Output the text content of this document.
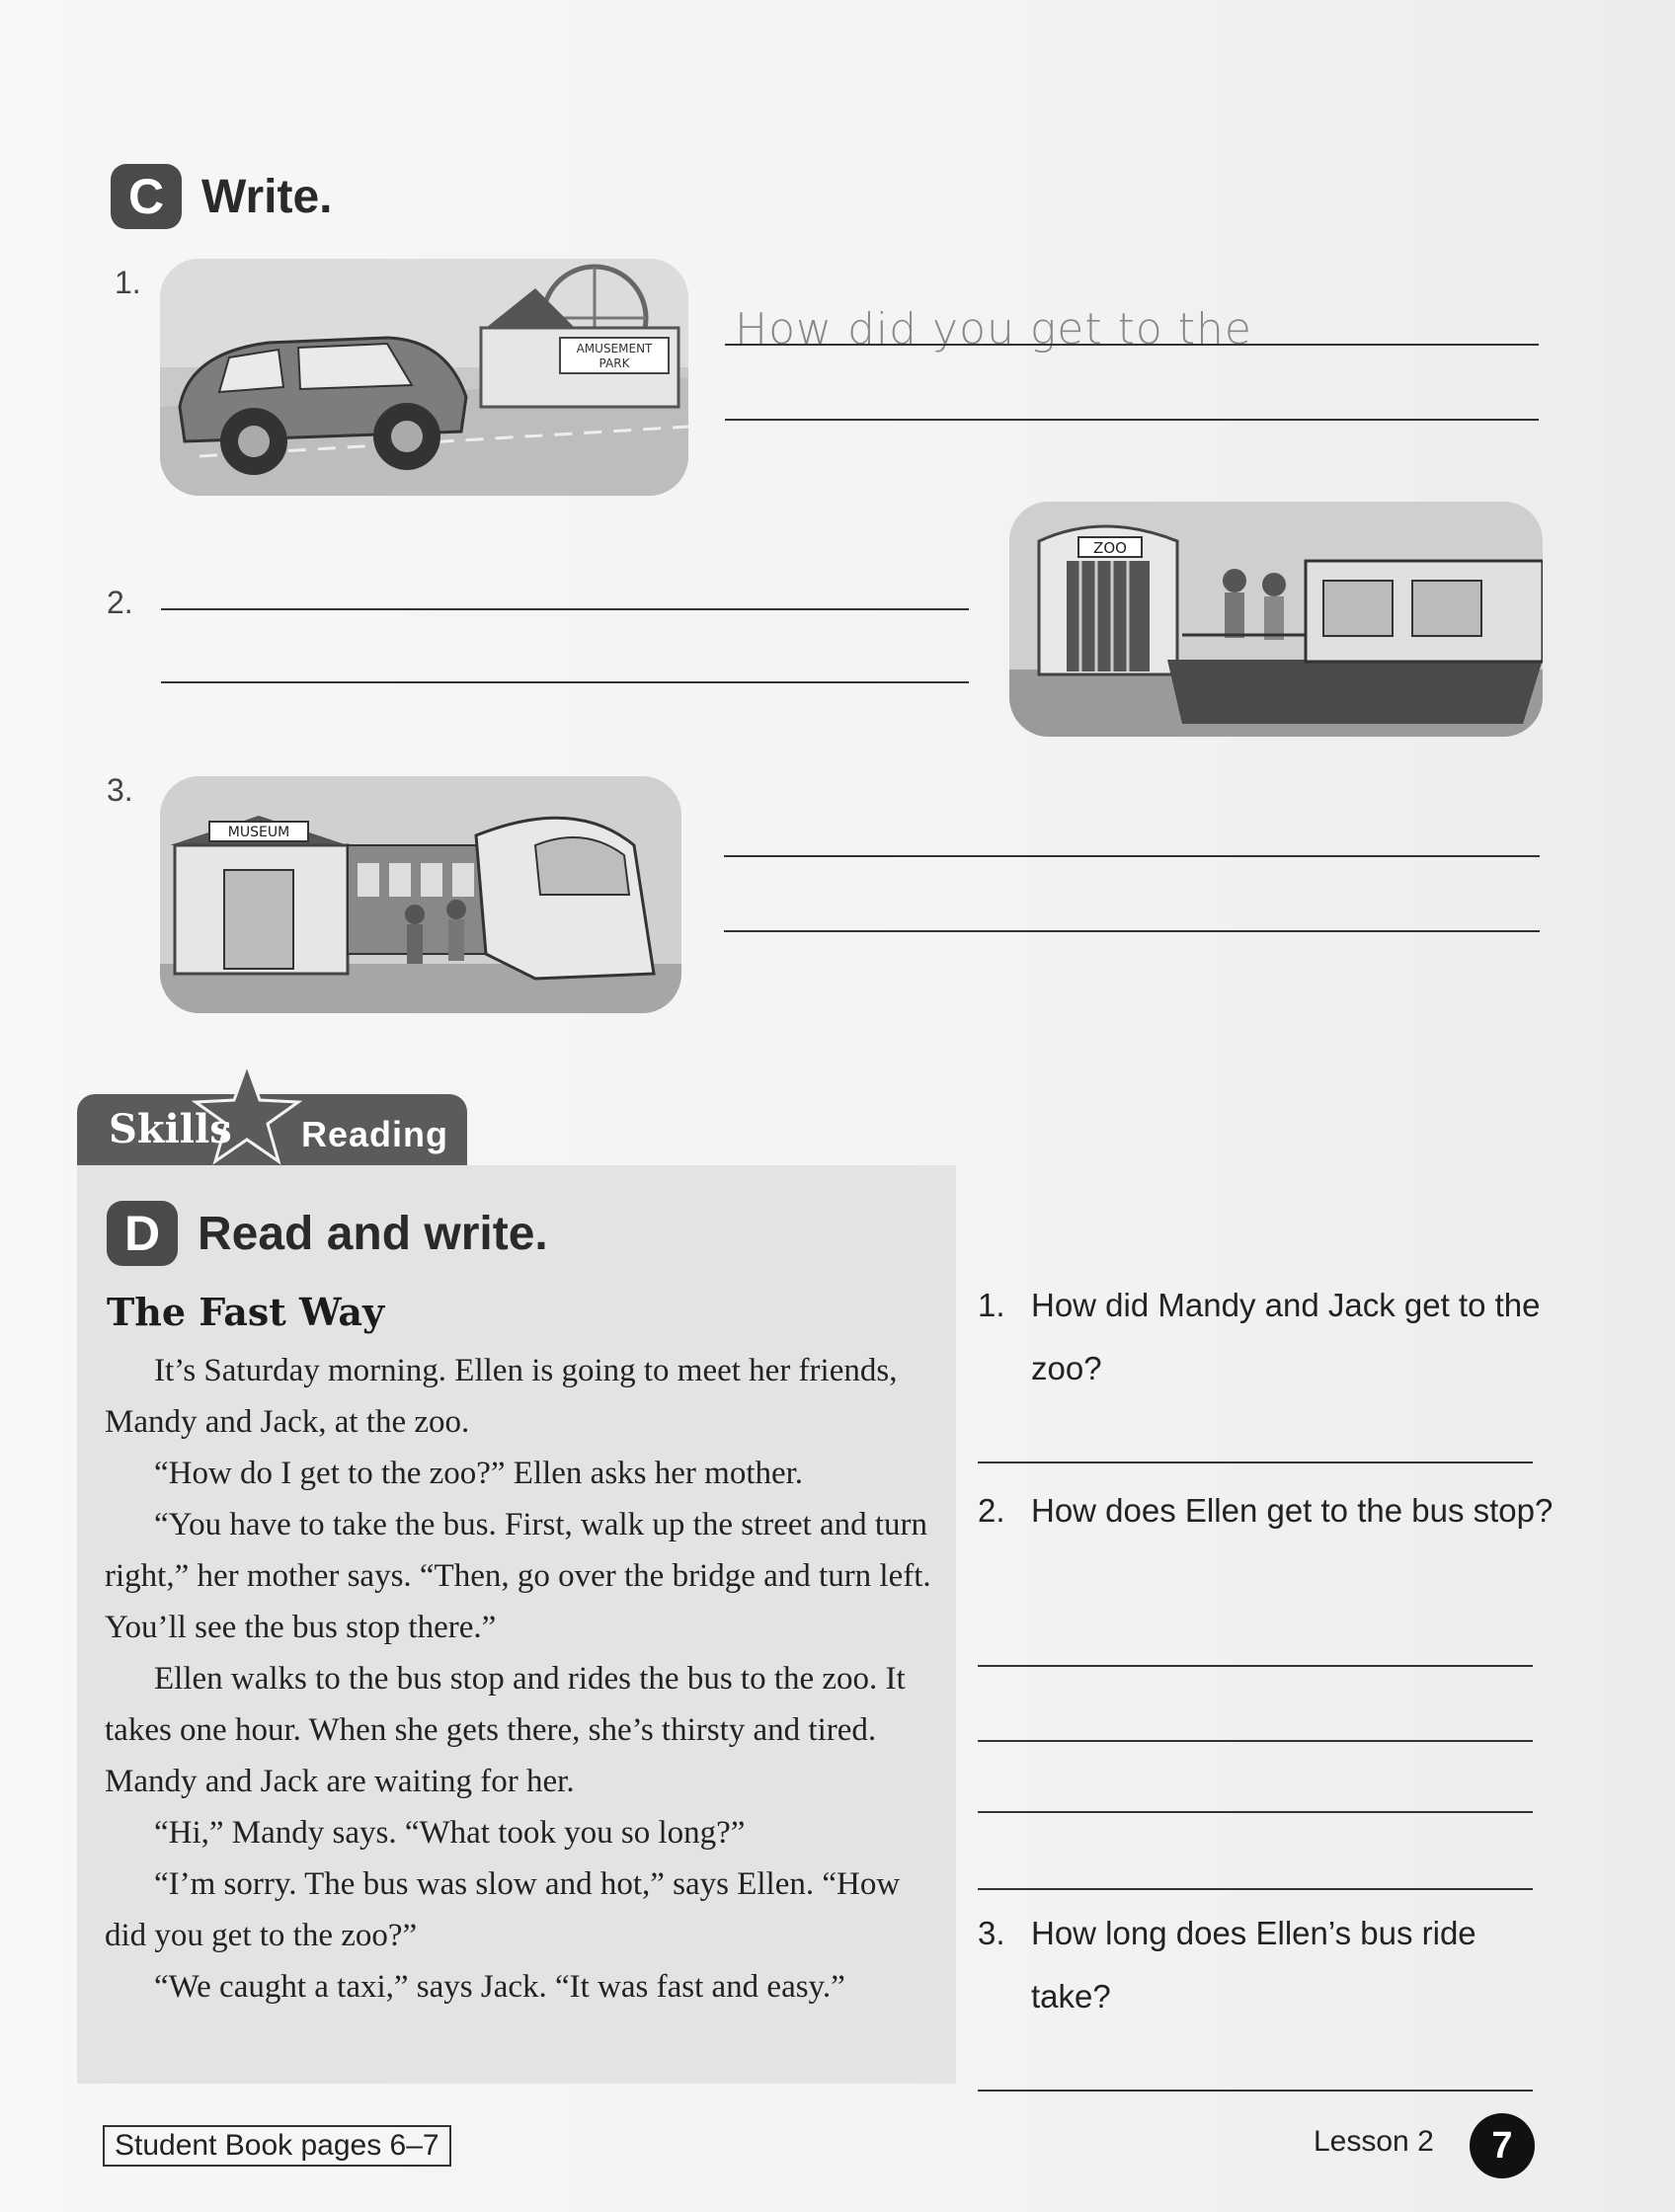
C Write.
1.
AMUSEMENT
PARK
How did you get to the
2.
ZOO
3.
MUSEUM
Skills Reading
D Read and write.
The Fast Way

It’s Saturday morning. Ellen is going to meet her friends, Mandy and Jack, at the zoo.

“How do I get to the zoo?” Ellen asks her mother.

“You have to take the bus. First, walk up the street and turn right,” her mother says. “Then, go over the bridge and turn left. You’ll see the bus stop there.”

Ellen walks to the bus stop and rides the bus to the zoo. It takes one hour. When she gets there, she’s thirsty and tired. Mandy and Jack are waiting for her.

“Hi,” Mandy says. “What took you so long?”

“I’m sorry. The bus was slow and hot,” says Ellen. “How did you get to the zoo?”

“We caught a taxi,” says Jack. “It was fast and easy.”

1. How did Mandy and Jack get to the zoo?
2. How does Ellen get to the bus stop?
3. How long does Ellen’s bus ride take?
Student Book pages 6–7	Lesson 2	7
